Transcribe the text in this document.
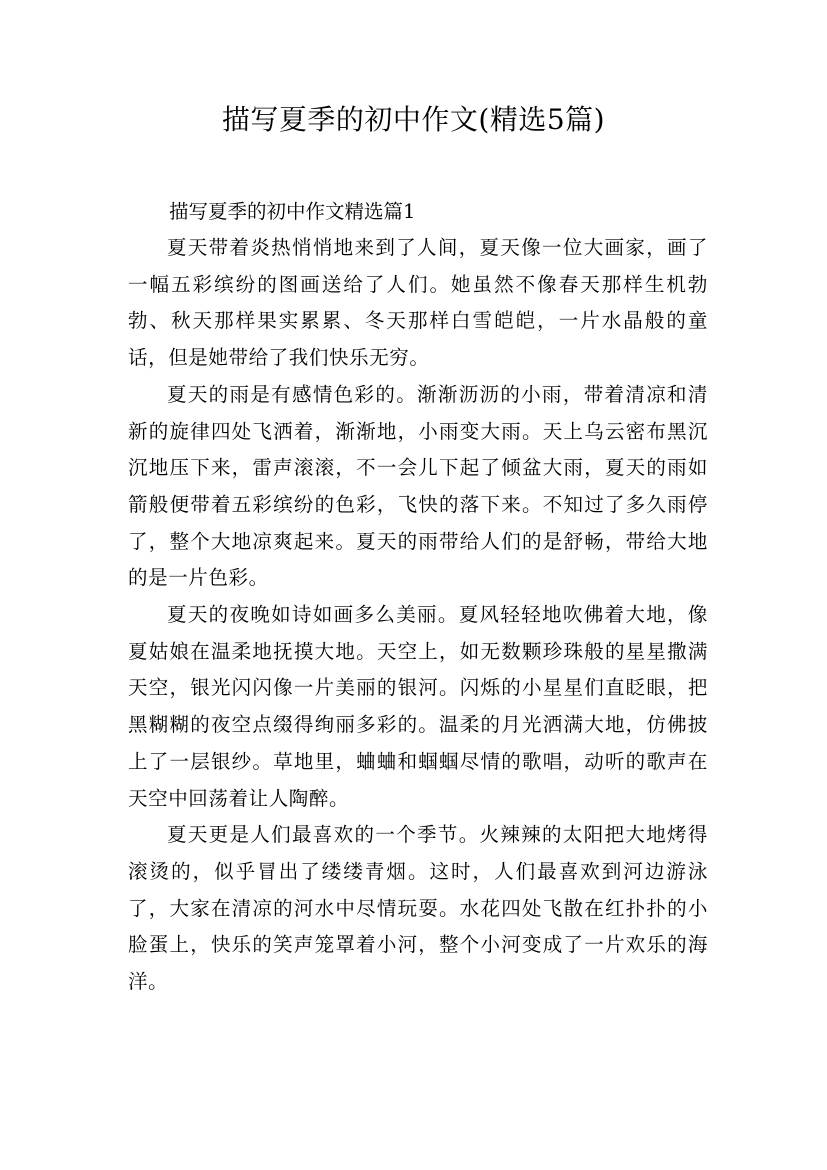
描写夏季的初中作文(精选5篇)
描写夏季的初中作文精选篇1

夏天带着炎热悄悄地来到了人间，夏天像一位大画家，画了一幅五彩缤纷的图画送给了人们。她虽然不像春天那样生机勃勃、秋天那样果实累累、冬天那样白雪皑皑，一片水晶般的童话，但是她带给了我们快乐无穷。

夏天的雨是有感情色彩的。渐渐沥沥的小雨，带着清凉和清新的旋律四处飞洒着，渐渐地，小雨变大雨。天上乌云密布黑沉沉地压下来，雷声滚滚，不一会儿下起了倾盆大雨，夏天的雨如箭般便带着五彩缤纷的色彩，飞快的落下来。不知过了多久雨停了，整个大地凉爽起来。夏天的雨带给人们的是舒畅，带给大地的是一片色彩。

夏天的夜晚如诗如画多么美丽。夏风轻轻地吹佛着大地，像夏姑娘在温柔地抚摸大地。天空上，如无数颗珍珠般的星星撒满天空，银光闪闪像一片美丽的银河。闪烁的小星星们直眨眼，把黑糊糊的夜空点缀得绚丽多彩的。温柔的月光洒满大地，仿佛披上了一层银纱。草地里，蛐蛐和蝈蝈尽情的歌唱，动听的歌声在天空中回荡着让人陶醉。

夏天更是人们最喜欢的一个季节。火辣辣的太阳把大地烤得滚烫的，似乎冒出了缕缕青烟。这时，人们最喜欢到河边游泳了，大家在清凉的河水中尽情玩耍。水花四处飞散在红扑扑的小脸蛋上，快乐的笑声笼罩着小河，整个小河变成了一片欢乐的海洋。
